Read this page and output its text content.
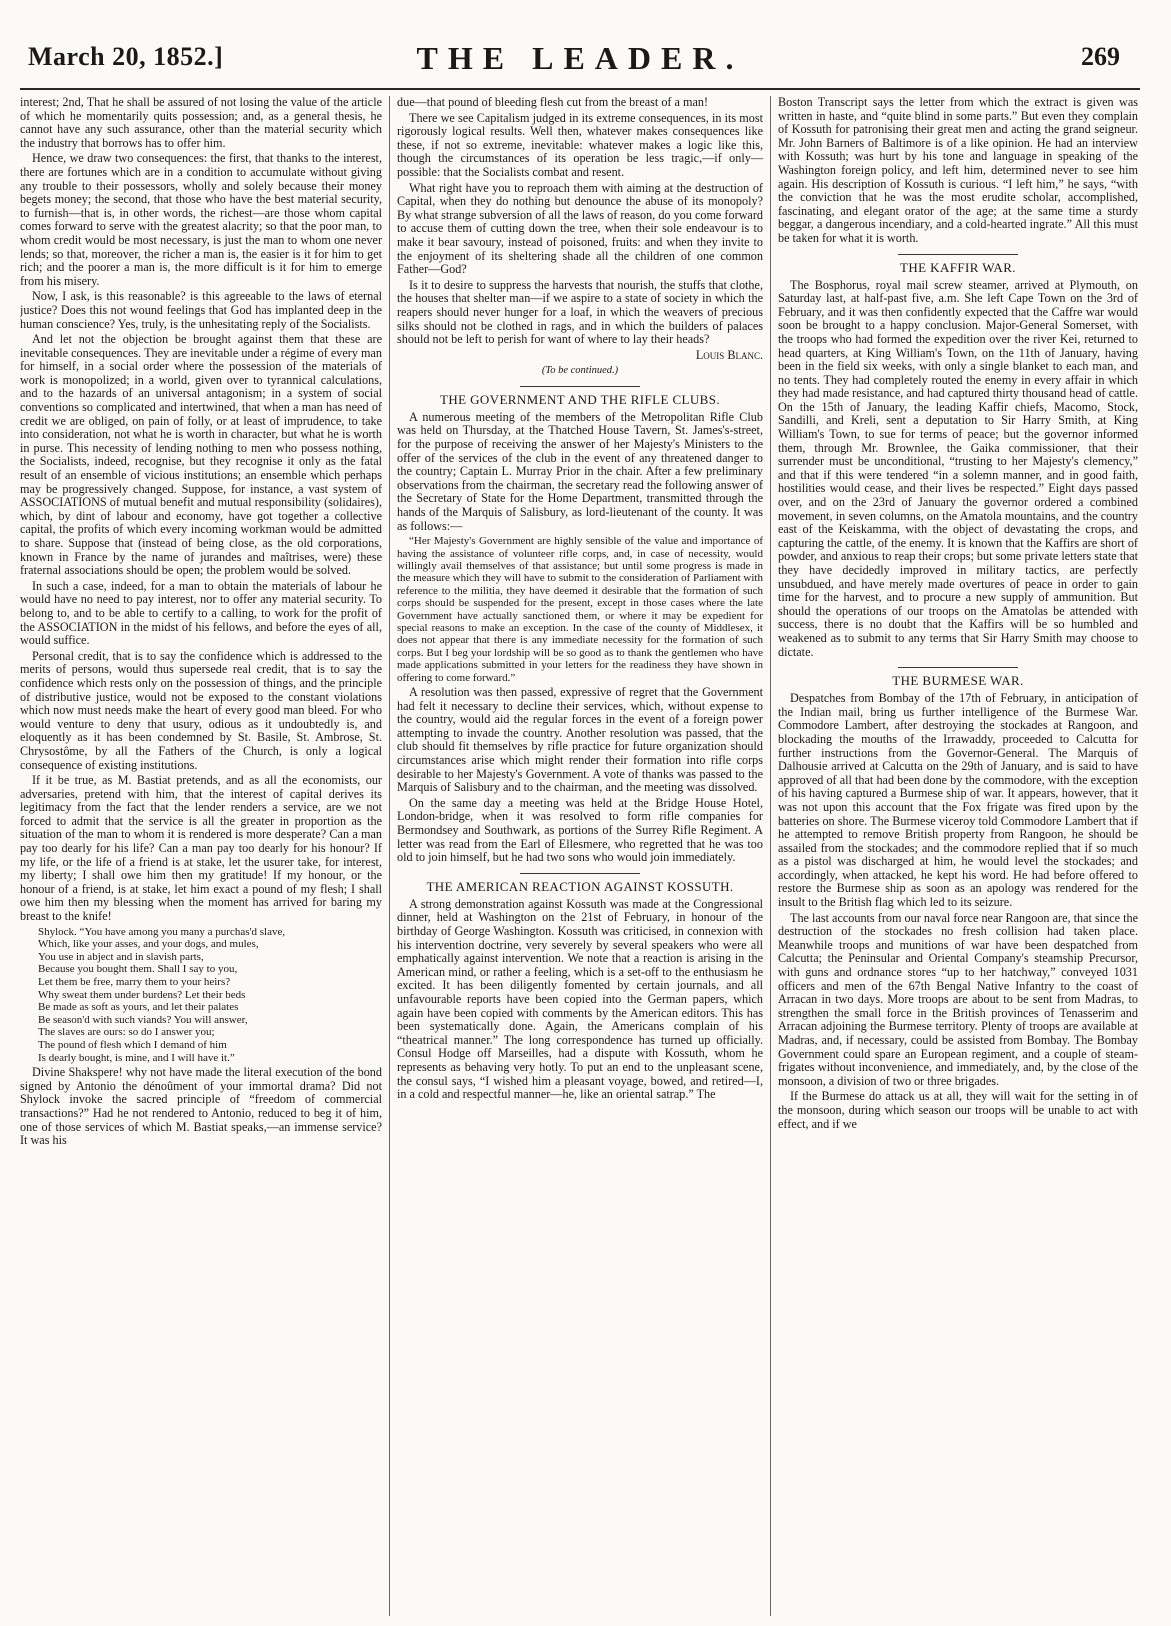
March 20, 1852.]	THE LEADER.	269

interest; 2nd, That he shall be assured of not losing the value of the article of which he momentarily quits possession; and, as a general thesis, he cannot have any such assurance, other than the material security which the industry that borrows has to offer him.

Hence, we draw two consequences: the first, that thanks to the interest, there are fortunes which are in a condition to accumulate without giving any trouble to their possessors, wholly and solely because their money begets money; the second, that those who have the best material security, to furnish—that is, in other words, the richest—are those whom capital comes forward to serve with the greatest alacrity; so that the poor man, to whom credit would be most necessary, is just the man to whom one never lends; so that, moreover, the richer a man is, the easier is it for him to get rich; and the poorer a man is, the more difficult is it for him to emerge from his misery.

Now, I ask, is this reasonable? is this agreeable to the laws of eternal justice? Does this not wound feelings that God has implanted deep in the human conscience? Yes, truly, is the unhesitating reply of the Socialists.

And let not the objection be brought against them that these are inevitable consequences. They are inevitable under a régime of every man for himself, in a social order where the possession of the materials of work is monopolized; in a world, given over to tyrannical calculations, and to the hazards of an universal antagonism; in a system of social conventions so complicated and intertwined, that when a man has need of credit we are obliged, on pain of folly, or at least of imprudence, to take into consideration, not what he is worth in character, but what he is worth in purse. This necessity of lending nothing to men who possess nothing, the Socialists, indeed, recognise, but they recognise it only as the fatal result of an ensemble of vicious institutions; an ensemble which perhaps may be progressively changed. Suppose, for instance, a vast system of ASSOCIATIONS of mutual benefit and mutual responsibility (solidaires), which, by dint of labour and economy, have got together a collective capital, the profits of which every incoming workman would be admitted to share. Suppose that (instead of being close, as the old corporations, known in France by the name of jurandes and maîtrises, were) these fraternal associations should be open; the problem would be solved.

In such a case, indeed, for a man to obtain the materials of labour he would have no need to pay interest, nor to offer any material security. To belong to, and to be able to certify to a calling, to work for the profit of the ASSOCIATION in the midst of his fellows, and before the eyes of all, would suffice.

Personal credit, that is to say the confidence which is addressed to the merits of persons, would thus supersede real credit, that is to say the confidence which rests only on the possession of things, and the principle of distributive justice, would not be exposed to the constant violations which now must needs make the heart of every good man bleed. For who would venture to deny that usury, odious as it undoubtedly is, and eloquently as it has been condemned by St. Basile, St. Ambrose, St. Chrysostôme, by all the Fathers of the Church, is only a logical consequence of existing institutions.

If it be true, as M. Bastiat pretends, and as all the economists, our adversaries, pretend with him, that the interest of capital derives its legitimacy from the fact that the lender renders a service, are we not forced to admit that the service is all the greater in proportion as the situation of the man to whom it is rendered is more desperate? Can a man pay too dearly for his life? Can a man pay too dearly for his honour? If my life, or the life of a friend is at stake, let the usurer take, for interest, my liberty; I shall owe him then my gratitude! If my honour, or the honour of a friend, is at stake, let him exact a pound of my flesh; I shall owe him then my blessing when the moment has arrived for baring my breast to the knife!

Shylock. “You have among you many a purchas'd slave,
Which, like your asses, and your dogs, and mules,
You use in abject and in slavish parts,
Because you bought them. Shall I say to you,
Let them be free, marry them to your heirs?
Why sweat them under burdens? Let their beds
Be made as soft as yours, and let their palates
Be season'd with such viands? You will answer,
The slaves are ours: so do I answer you;
The pound of flesh which I demand of him
Is dearly bought, is mine, and I will have it.”

Divine Shakspere! why not have made the literal execution of the bond signed by Antonio the dénoûment of your immortal drama? Did not Shylock invoke the sacred principle of “freedom of commercial transactions?” Had he not rendered to Antonio, reduced to beg it of him, one of those services of which M. Bastiat speaks,—an immense service? It was his

due—that pound of bleeding flesh cut from the breast of a man!

There we see Capitalism judged in its extreme consequences, in its most rigorously logical results. Well then, whatever makes consequences like these, if not so extreme, inevitable: whatever makes a logic like this, though the circumstances of its operation be less tragic,—if only—possible: that the Socialists combat and resent.

What right have you to reproach them with aiming at the destruction of Capital, when they do nothing but denounce the abuse of its monopoly? By what strange subversion of all the laws of reason, do you come forward to accuse them of cutting down the tree, when their sole endeavour is to make it bear savoury, instead of poisoned, fruits: and when they invite to the enjoyment of its sheltering shade all the children of one common Father—God?

Is it to desire to suppress the harvests that nourish, the stuffs that clothe, the houses that shelter man—if we aspire to a state of society in which the reapers should never hunger for a loaf, in which the weavers of precious silks should not be clothed in rags, and in which the builders of palaces should not be left to perish for want of where to lay their heads?

Louis Blanc.

(To be continued.)

THE GOVERNMENT AND THE RIFLE CLUBS.

A numerous meeting of the members of the Metropolitan Rifle Club was held on Thursday, at the Thatched House Tavern, St. James's-street, for the purpose of receiving the answer of her Majesty's Ministers to the offer of the services of the club in the event of any threatened danger to the country; Captain L. Murray Prior in the chair. After a few preliminary observations from the chairman, the secretary read the following answer of the Secretary of State for the Home Department, transmitted through the hands of the Marquis of Salisbury, as lord-lieutenant of the county. It was as follows:—

“Her Majesty's Government are highly sensible of the value and importance of having the assistance of volunteer rifle corps, and, in case of necessity, would willingly avail themselves of that assistance; but until some progress is made in the measure which they will have to submit to the consideration of Parliament with reference to the militia, they have deemed it desirable that the formation of such corps should be suspended for the present, except in those cases where the late Government have actually sanctioned them, or where it may be expedient for special reasons to make an exception. In the case of the county of Middlesex, it does not appear that there is any immediate necessity for the formation of such corps. But I beg your lordship will be so good as to thank the gentlemen who have made applications submitted in your letters for the readiness they have shown in offering to come forward.”

A resolution was then passed, expressive of regret that the Government had felt it necessary to decline their services, which, without expense to the country, would aid the regular forces in the event of a foreign power attempting to invade the country. Another resolution was passed, that the club should fit themselves by rifle practice for future organization should circumstances arise which might render their formation into rifle corps desirable to her Majesty's Government. A vote of thanks was passed to the Marquis of Salisbury and to the chairman, and the meeting was dissolved.

On the same day a meeting was held at the Bridge House Hotel, London-bridge, when it was resolved to form rifle companies for Bermondsey and Southwark, as portions of the Surrey Rifle Regiment. A letter was read from the Earl of Ellesmere, who regretted that he was too old to join himself, but he had two sons who would join immediately.

THE AMERICAN REACTION AGAINST KOSSUTH.

A strong demonstration against Kossuth was made at the Congressional dinner, held at Washington on the 21st of February, in honour of the birthday of George Washington. Kossuth was criticised, in connexion with his intervention doctrine, very severely by several speakers who were all emphatically against intervention. We note that a reaction is arising in the American mind, or rather a feeling, which is a set-off to the enthusiasm he excited. It has been diligently fomented by certain journals, and all unfavourable reports have been copied into the German papers, which again have been copied with comments by the American editors. This has been systematically done. Again, the Americans complain of his “theatrical manner.” The long correspondence has turned up officially. Consul Hodge off Marseilles, had a dispute with Kossuth, whom he represents as behaving very hotly. To put an end to the unpleasant scene, the consul says, “I wished him a pleasant voyage, bowed, and retired—I, in a cold and respectful manner—he, like an oriental satrap.” The

Boston Transcript says the letter from which the extract is given was written in haste, and “quite blind in some parts.” But even they complain of Kossuth for patronising their great men and acting the grand seigneur. Mr. John Barners of Baltimore is of a like opinion. He had an interview with Kossuth; was hurt by his tone and language in speaking of the Washington foreign policy, and left him, determined never to see him again. His description of Kossuth is curious. “I left him,” he says, “with the conviction that he was the most erudite scholar, accomplished, fascinating, and elegant orator of the age; at the same time a sturdy beggar, a dangerous incendiary, and a cold-hearted ingrate.” All this must be taken for what it is worth.

THE KAFFIR WAR.

The Bosphorus, royal mail screw steamer, arrived at Plymouth, on Saturday last, at half-past five, a.m. She left Cape Town on the 3rd of February, and it was then confidently expected that the Caffre war would soon be brought to a happy conclusion. Major-General Somerset, with the troops who had formed the expedition over the river Kei, returned to head quarters, at King William's Town, on the 11th of January, having been in the field six weeks, with only a single blanket to each man, and no tents. They had completely routed the enemy in every affair in which they had made resistance, and had captured thirty thousand head of cattle. On the 15th of January, the leading Kaffir chiefs, Macomo, Stock, Sandilli, and Kreli, sent a deputation to Sir Harry Smith, at King William's Town, to sue for terms of peace; but the governor informed them, through Mr. Brownlee, the Gaika commissioner, that their surrender must be unconditional, “trusting to her Majesty's clemency,” and that if this were tendered “in a solemn manner, and in good faith, hostilities would cease, and their lives be respected.” Eight days passed over, and on the 23rd of January the governor ordered a combined movement, in seven columns, on the Amatola mountains, and the country east of the Keiskamma, with the object of devastating the crops, and capturing the cattle, of the enemy. It is known that the Kaffirs are short of powder, and anxious to reap their crops; but some private letters state that they have decidedly improved in military tactics, are perfectly unsubdued, and have merely made overtures of peace in order to gain time for the harvest, and to procure a new supply of ammunition. But should the operations of our troops on the Amatolas be attended with success, there is no doubt that the Kaffirs will be so humbled and weakened as to submit to any terms that Sir Harry Smith may choose to dictate.

THE BURMESE WAR.

Despatches from Bombay of the 17th of February, in anticipation of the Indian mail, bring us further intelligence of the Burmese War. Commodore Lambert, after destroying the stockades at Rangoon, and blockading the mouths of the Irrawaddy, proceeded to Calcutta for further instructions from the Governor-General. The Marquis of Dalhousie arrived at Calcutta on the 29th of January, and is said to have approved of all that had been done by the commodore, with the exception of his having captured a Burmese ship of war. It appears, however, that it was not upon this account that the Fox frigate was fired upon by the batteries on shore. The Burmese viceroy told Commodore Lambert that if he attempted to remove British property from Rangoon, he should be assailed from the stockades; and the commodore replied that if so much as a pistol was discharged at him, he would level the stockades; and accordingly, when attacked, he kept his word. He had before offered to restore the Burmese ship as soon as an apology was rendered for the insult to the British flag which led to its seizure.

The last accounts from our naval force near Rangoon are, that since the destruction of the stockades no fresh collision had taken place. Meanwhile troops and munitions of war have been despatched from Calcutta; the Peninsular and Oriental Company's steamship Precursor, with guns and ordnance stores “up to her hatchway,” conveyed 1031 officers and men of the 67th Bengal Native Infantry to the coast of Arracan in two days. More troops are about to be sent from Madras, to strengthen the small force in the British provinces of Tenasserim and Arracan adjoining the Burmese territory. Plenty of troops are available at Madras, and, if necessary, could be assisted from Bombay. The Bombay Government could spare an European regiment, and a couple of steam-frigates without inconvenience, and immediately, and, by the close of the monsoon, a division of two or three brigades.

If the Burmese do attack us at all, they will wait for the setting in of the monsoon, during which season our troops will be unable to act with effect, and if we
